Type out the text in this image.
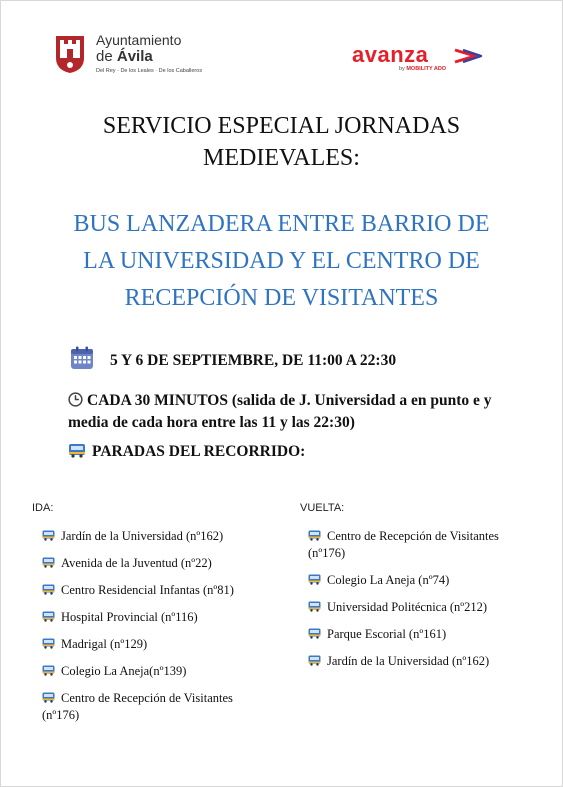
Ayuntamiento
de Ávila
Del Rey · De los Leales · De los Caballeros
avanza
by MOBILITY ADO
SERVICIO ESPECIAL JORNADAS
MEDIEVALES:
BUS LANZADERA ENTRE BARRIO DE
LA UNIVERSIDAD Y EL CENTRO DE
RECEPCIÓN DE VISITANTES
5 Y 6 DE SEPTIEMBRE, DE 11:00 A 22:30
CADA 30 MINUTOS (salida de J. Universidad a en punto e y media de cada hora entre las 11 y las 22:30)
PARADAS DEL RECORRIDO:
IDA:
Jardín de la Universidad (nº162)
Avenida de la Juventud (nº22)
Centro Residencial Infantas (nº81)
Hospital Provincial (nº116)
Madrigal (nº129)
Colegio La Aneja(nº139)
Centro de Recepción de Visitantes
(nº176)
VUELTA:
Centro de Recepción de Visitantes
(nº176)
Colegio La Aneja (nº74)
Universidad Politécnica (nº212)
Parque Escorial (nº161)
Jardín de la Universidad (nº162)
